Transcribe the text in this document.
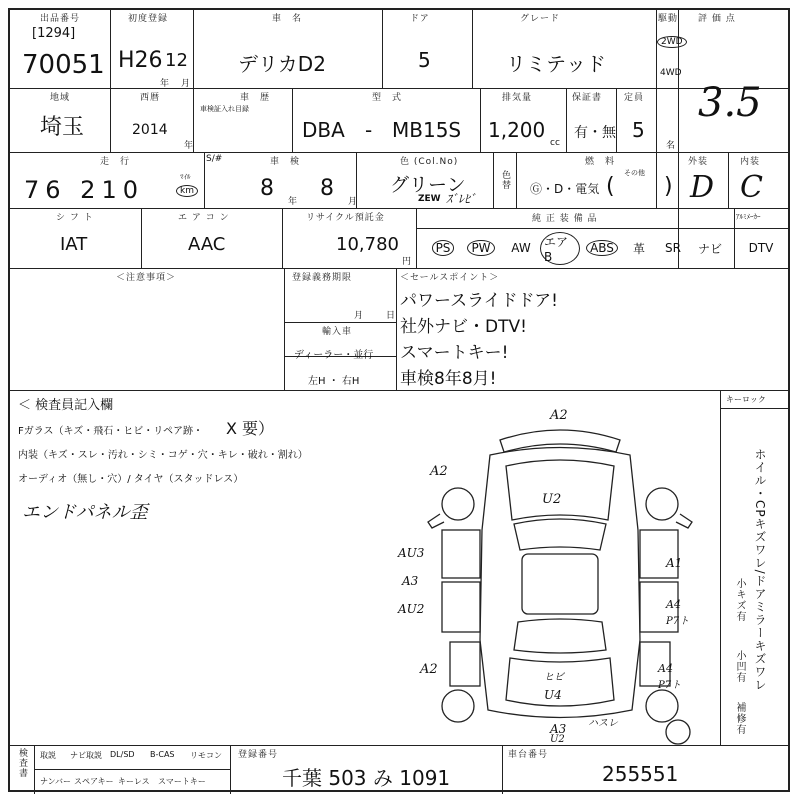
出品番号
[1294]
70051
初度登録
H26 12
年 月
車　名
デリカD2
ドア
5
グレード
リミテッド
駆動
2WD
4WD
評 価 点
3.5
地域
埼玉
西暦
2014
年
車　歴
車検証入れ目録
型　式
DBA - MB15S
排気量
1,200
cc
保証書
有・無
定員
5
名
走　行	S/#
76 210	ﾏｲﾙ
km
車　検
8
年
8
月
色 (Col.No)
グリーン
ZEW ｽﾞﾚﾋﾞ
色替
燃　料
その他
Ⓖ・D・電気 ( )
外装
D
内装
C
シ フ ト
IAT
エ ア コ ン
AAC
リサイクル預託金
10,780
円
純 正 装 備 品	ｱﾙﾐﾒｰｶｰ
PS	PW	AW	エアB
ABS	革	SR	ナビ	DTV
＜注意事項＞	登録義務期限
月	日
輸入車
ディーラー・並行
左H ・ 右H
＜セールスポイント＞
パワースライドドア!
社外ナビ・DTV!
スマートキー!
車検8年8月!
＜ 検査員記入欄
Fガラス（キズ・飛石・ヒビ・リペア跡・ X 要）
内装（キズ・スレ・汚れ・シミ・コゲ・穴・キレ・破れ・割れ）
オーディオ（無し・穴）/ タイヤ（スタッドレス）
エンドパネル歪
キーロック
ホイル・CPキズワレ/ドアミラーキズワレ
小キズ有
小凹有
補修有
A2
U2
A2
AU3
A3
AU2
A1
A4
P7ト
A2
ヒビ
U4
A4
P7ト
A3
U2
ハスレ
検査書 取説 ナビ取説 DL/SD B-CAS リモコン
ナンバー スペアキー キーレス スマートキー
登録番号
千葉 503 み 1091
車台番号
255551
